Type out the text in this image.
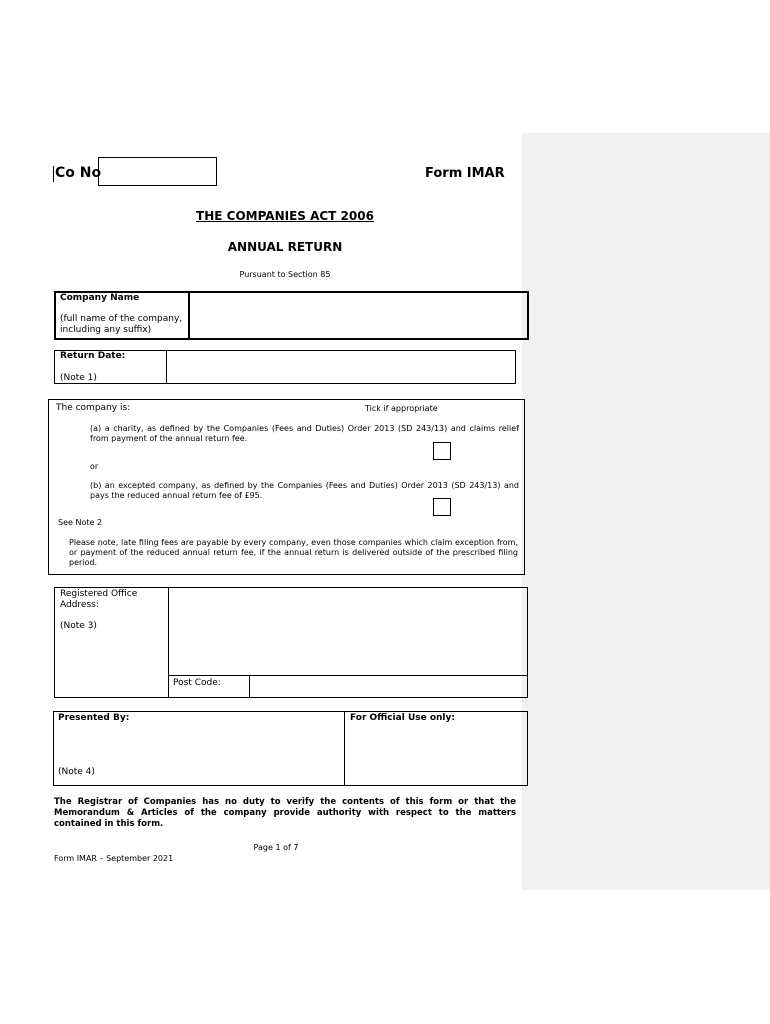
Co No	Form IMAR
THE COMPANIES ACT 2006
ANNUAL RETURN
Pursuant to Section 85
Company Name
(full name of the company, including any suffix)
Return Date:
(Note 1)
The company is:	Tick if appropriate
(a) a charity, as defined by the Companies (Fees and Duties) Order 2013 (SD 243/13) and claims relief from payment of the annual return fee.
or
(b) an excepted company, as defined by the Companies (Fees and Duties) Order 2013 (SD 243/13) and pays the reduced annual return fee of £95.
See Note 2
Please note, late filing fees are payable by every company, even those companies which claim exception from, or payment of the reduced annual return fee, if the annual return is delivered outside of the prescribed filing period.
Registered Office Address:
(Note 3)
Post Code:
Presented By:
(Note 4)
For Official Use only:
The Registrar of Companies has no duty to verify the contents of this form or that the Memorandum & Articles of the company provide authority with respect to the matters contained in this form.
Page 1 of 7
Form IMAR – September 2021
